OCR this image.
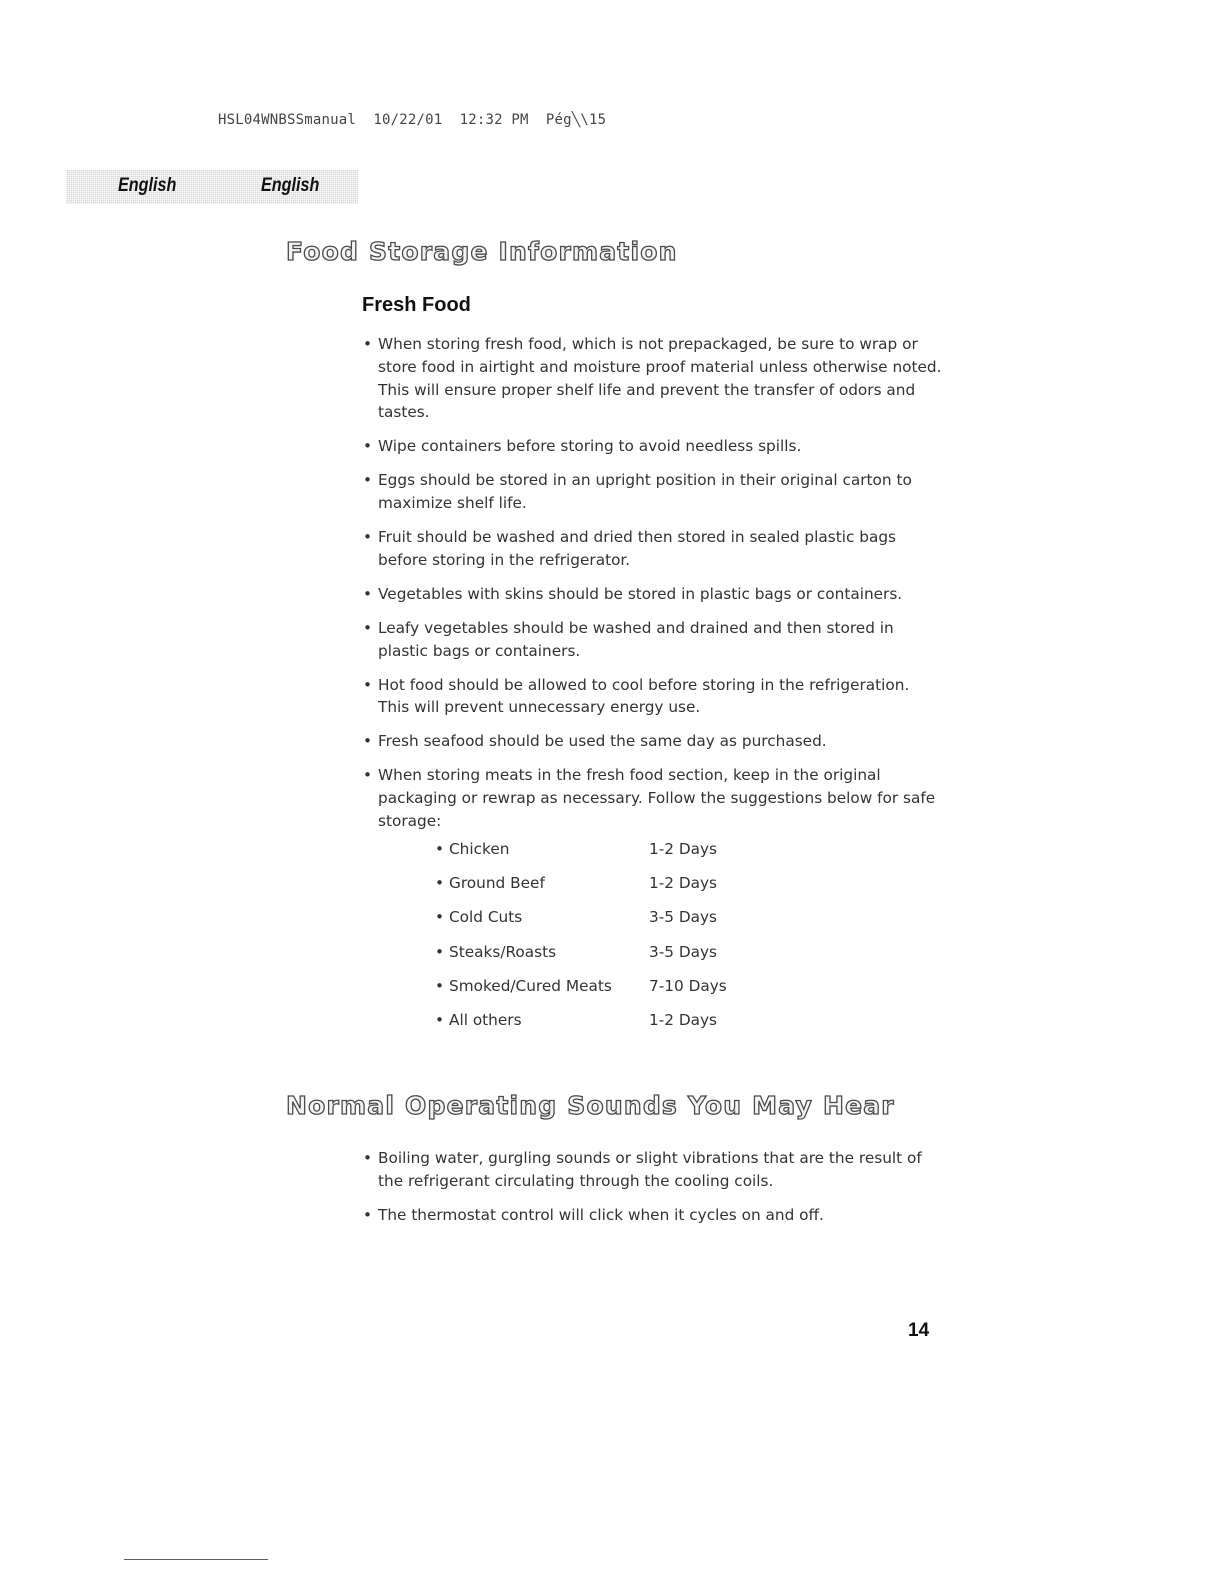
HSL04WNBSSmanual  10/22/01  12:32 PM  Pég╲\15
English	English
Food Storage Information
Fresh Food
• When storing fresh food, which is not prepackaged, be sure to wrap or store food in airtight and moisture proof material unless otherwise noted. This will ensure proper shelf life and prevent the transfer of odors and tastes.
• Wipe containers before storing to avoid needless spills.
• Eggs should be stored in an upright position in their original carton to maximize shelf life.
• Fruit should be washed and dried then stored in sealed plastic bags before storing in the refrigerator.
• Vegetables with skins should be stored in plastic bags or containers.
• Leafy vegetables should be washed and drained and then stored in plastic bags or containers.
• Hot food should be allowed to cool before storing in the refrigeration. This will prevent unnecessary energy use.
• Fresh seafood should be used the same day as purchased.
• When storing meats in the fresh food section, keep in the original packaging or rewrap as necessary. Follow the suggestions below for safe storage:
• Chicken	1-2 Days
• Ground Beef	1-2 Days
• Cold Cuts	3-5 Days
• Steaks/Roasts	3-5 Days
• Smoked/Cured Meats	7-10 Days
• All others	1-2 Days
Normal Operating Sounds You May Hear
• Boiling water, gurgling sounds or slight vibrations that are the result of the refrigerant circulating through the cooling coils.
• The thermostat control will click when it cycles on and off.
14
